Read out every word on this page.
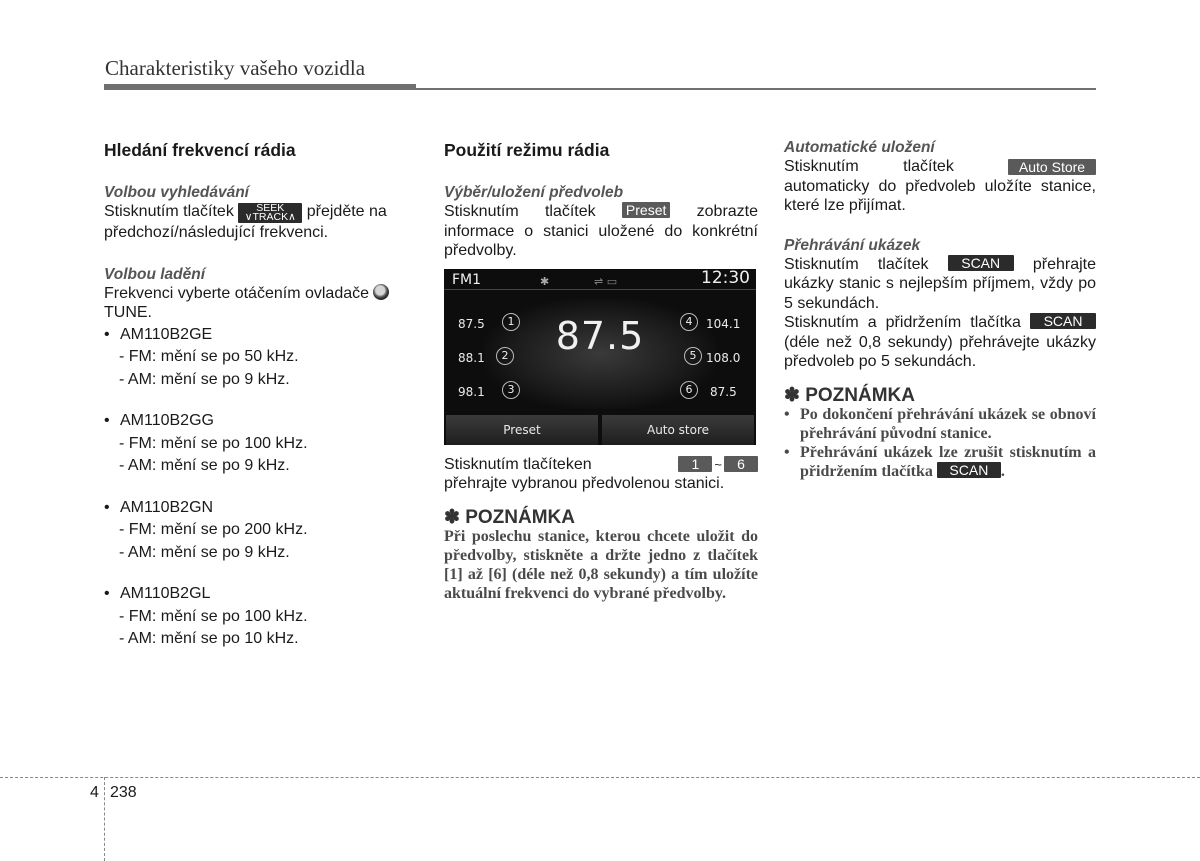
Charakteristiky vašeho vozidla
Hledání frekvencí rádia
Volbou vyhledávání

Stisknutím tlačítek	SEEK
∨TRACK∧ přejděte na předchozí/následující frekvenci.

Volbou ladění

Frekvenci vyberte otáčením ovladače
TUNE.

• AM110B2GE
- FM: mění se po 50 kHz.
- AM: mění se po 9 kHz.
• AM110B2GG
- FM: mění se po 100 kHz.
- AM: mění se po 9 kHz.
• AM110B2GN
- FM: mění se po 200 kHz.
- AM: mění se po 9 kHz.
• AM110B2GL
- FM: mění se po 100 kHz.
- AM: mění se po 10 kHz.
Použití režimu rádia
Výběr/uložení předvoleb

Stisknutím tlačítek Preset zobrazte informace o stanici uložené do konkrétní předvolby.

FM1	✱	⇌ ▭	12:30
87.5	1
88.1	2
98.1	3
4	104.1
5 108.0
6	87.5
87.5
Preset	Auto store

Stisknutím tlačíteken	1	~	6
přehrajte vybranou předvolenou stanici.

✽ POZNÁMKA

Při poslechu stanice, kterou chcete uložit do předvolby, stiskněte a držte jedno z tlačítek [1] až [6] (déle než 0,8 sekundy) a tím uložíte aktuální frekvenci do vybrané předvolby.

Automatické uložení

Stisknutím tlačítek	Auto Store
automaticky do předvoleb uložíte stanice, které lze přijímat.

Přehrávání ukázek

Stisknutím tlačítek SCAN přehrajte ukázky stanic s nejlepším příjmem, vždy po 5 sekundách.

Stisknutím a přidržením tlačítka SCAN (déle než 0,8 sekundy) přehrávejte ukázky předvoleb po 5 sekundách.

✽ POZNÁMKA
• Po dokončení přehrávání ukázek se obnoví přehrávání původní stanice.
• Přehrávání ukázek lze zrušit stisknutím a přidržením tlačítka SCAN .
4 238
